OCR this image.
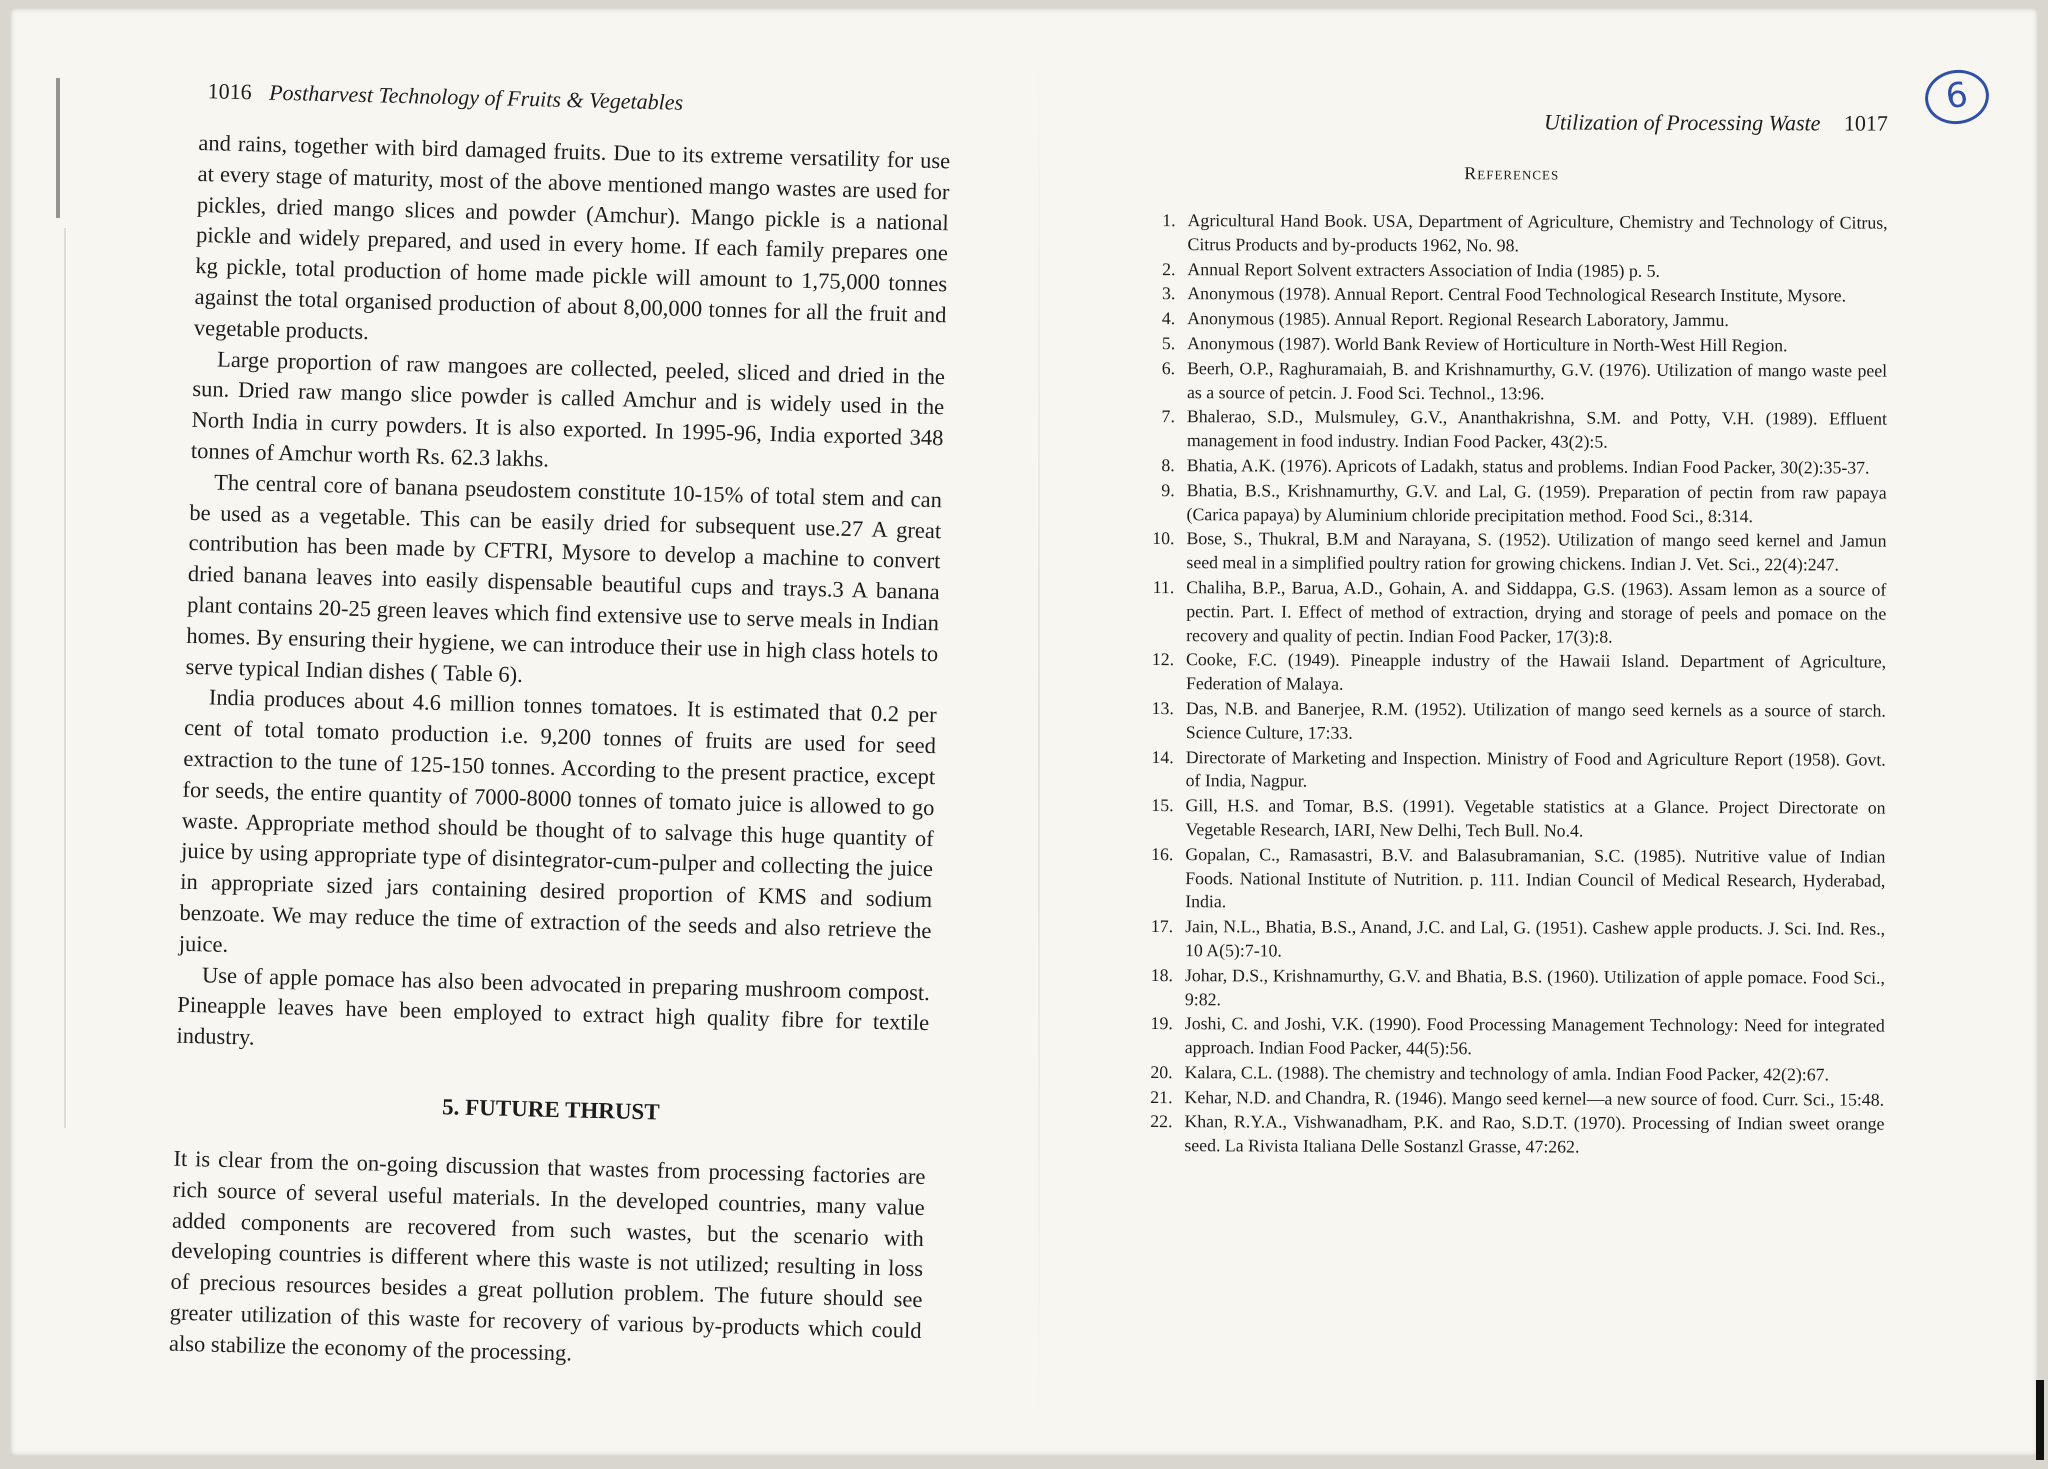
6
1016 Postharvest Technology of Fruits & Vegetables

and rains, together with bird damaged fruits. Due to its extreme versatility for use at every stage of maturity, most of the above mentioned mango wastes are used for pickles, dried mango slices and powder (Amchur). Mango pickle is a national pickle and widely prepared, and used in every home. If each family prepares one kg pickle, total production of home made pickle will amount to 1,75,000 tonnes against the total organised production of about 8,00,000 tonnes for all the fruit and vegetable products.

Large proportion of raw mangoes are collected, peeled, sliced and dried in the sun. Dried raw mango slice powder is called Amchur and is widely used in the North India in curry powders. It is also exported. In 1995-96, India exported 348 tonnes of Amchur worth Rs. 62.3 lakhs.

The central core of banana pseudostem constitute 10-15% of total stem and can be used as a vegetable. This can be easily dried for subsequent use.27 A great contribution has been made by CFTRI, Mysore to develop a machine to convert dried banana leaves into easily dispensable beautiful cups and trays.3 A banana plant contains 20-25 green leaves which find extensive use to serve meals in Indian homes. By ensuring their hygiene, we can introduce their use in high class hotels to serve typical Indian dishes ( Table 6).

India produces about 4.6 million tonnes tomatoes. It is estimated that 0.2 per cent of total tomato production i.e. 9,200 tonnes of fruits are used for seed extraction to the tune of 125-150 tonnes. According to the present practice, except for seeds, the entire quantity of 7000-8000 tonnes of tomato juice is allowed to go waste. Appropriate method should be thought of to salvage this huge quantity of juice by using appropriate type of disintegrator-cum-pulper and collecting the juice in appropriate sized jars containing desired proportion of KMS and sodium benzoate. We may reduce the time of extraction of the seeds and also retrieve the juice.

Use of apple pomace has also been advocated in preparing mushroom compost. Pineapple leaves have been employed to extract high quality fibre for textile industry.

5. FUTURE THRUST

It is clear from the on-going discussion that wastes from processing factories are rich source of several useful materials. In the developed countries, many value added components are recovered from such wastes, but the scenario with developing countries is different where this waste is not utilized; resulting in loss of precious resources besides a great pollution problem. The future should see greater utilization of this waste for recovery of various by-products which could also stabilize the economy of the processing.

Utilization of Processing Waste 1017
References
1. Agricultural Hand Book. USA, Department of Agriculture, Chemistry and Technology of Citrus, Citrus Products and by-products 1962, No. 98.
2. Annual Report Solvent extracters Association of India (1985) p. 5.
3. Anonymous (1978). Annual Report. Central Food Technological Research Institute, Mysore.
4. Anonymous (1985). Annual Report. Regional Research Laboratory, Jammu.
5. Anonymous (1987). World Bank Review of Horticulture in North-West Hill Region.
6. Beerh, O.P., Raghuramaiah, B. and Krishnamurthy, G.V. (1976). Utilization of mango waste peel as a source of petcin. J. Food Sci. Technol., 13:96.
7. Bhalerao, S.D., Mulsmuley, G.V., Ananthakrishna, S.M. and Potty, V.H. (1989). Effluent management in food industry. Indian Food Packer, 43(2):5.
8. Bhatia, A.K. (1976). Apricots of Ladakh, status and problems. Indian Food Packer, 30(2):35-37.
9. Bhatia, B.S., Krishnamurthy, G.V. and Lal, G. (1959). Preparation of pectin from raw papaya (Carica papaya) by Aluminium chloride precipitation method. Food Sci., 8:314.
10. Bose, S., Thukral, B.M and Narayana, S. (1952). Utilization of mango seed kernel and Jamun seed meal in a simplified poultry ration for growing chickens. Indian J. Vet. Sci., 22(4):247.
11. Chaliha, B.P., Barua, A.D., Gohain, A. and Siddappa, G.S. (1963). Assam lemon as a source of pectin. Part. I. Effect of method of extraction, drying and storage of peels and pomace on the recovery and quality of pectin. Indian Food Packer, 17(3):8.
12. Cooke, F.C. (1949). Pineapple industry of the Hawaii Island. Department of Agriculture, Federation of Malaya.
13. Das, N.B. and Banerjee, R.M. (1952). Utilization of mango seed kernels as a source of starch. Science Culture, 17:33.
14. Directorate of Marketing and Inspection. Ministry of Food and Agriculture Report (1958). Govt. of India, Nagpur.
15. Gill, H.S. and Tomar, B.S. (1991). Vegetable statistics at a Glance. Project Directorate on Vegetable Research, IARI, New Delhi, Tech Bull. No.4.
16. Gopalan, C., Ramasastri, B.V. and Balasubramanian, S.C. (1985). Nutritive value of Indian Foods. National Institute of Nutrition. p. 111. Indian Council of Medical Research, Hyderabad, India.
17. Jain, N.L., Bhatia, B.S., Anand, J.C. and Lal, G. (1951). Cashew apple products. J. Sci. Ind. Res., 10 A(5):7-10.
18. Johar, D.S., Krishnamurthy, G.V. and Bhatia, B.S. (1960). Utilization of apple pomace. Food Sci., 9:82.
19. Joshi, C. and Joshi, V.K. (1990). Food Processing Management Technology: Need for integrated approach. Indian Food Packer, 44(5):56.
20. Kalara, C.L. (1988). The chemistry and technology of amla. Indian Food Packer, 42(2):67.
21. Kehar, N.D. and Chandra, R. (1946). Mango seed kernel—a new source of food. Curr. Sci., 15:48.
22. Khan, R.Y.A., Vishwanadham, P.K. and Rao, S.D.T. (1970). Processing of Indian sweet orange seed. La Rivista Italiana Delle Sostanzl Grasse, 47:262.
